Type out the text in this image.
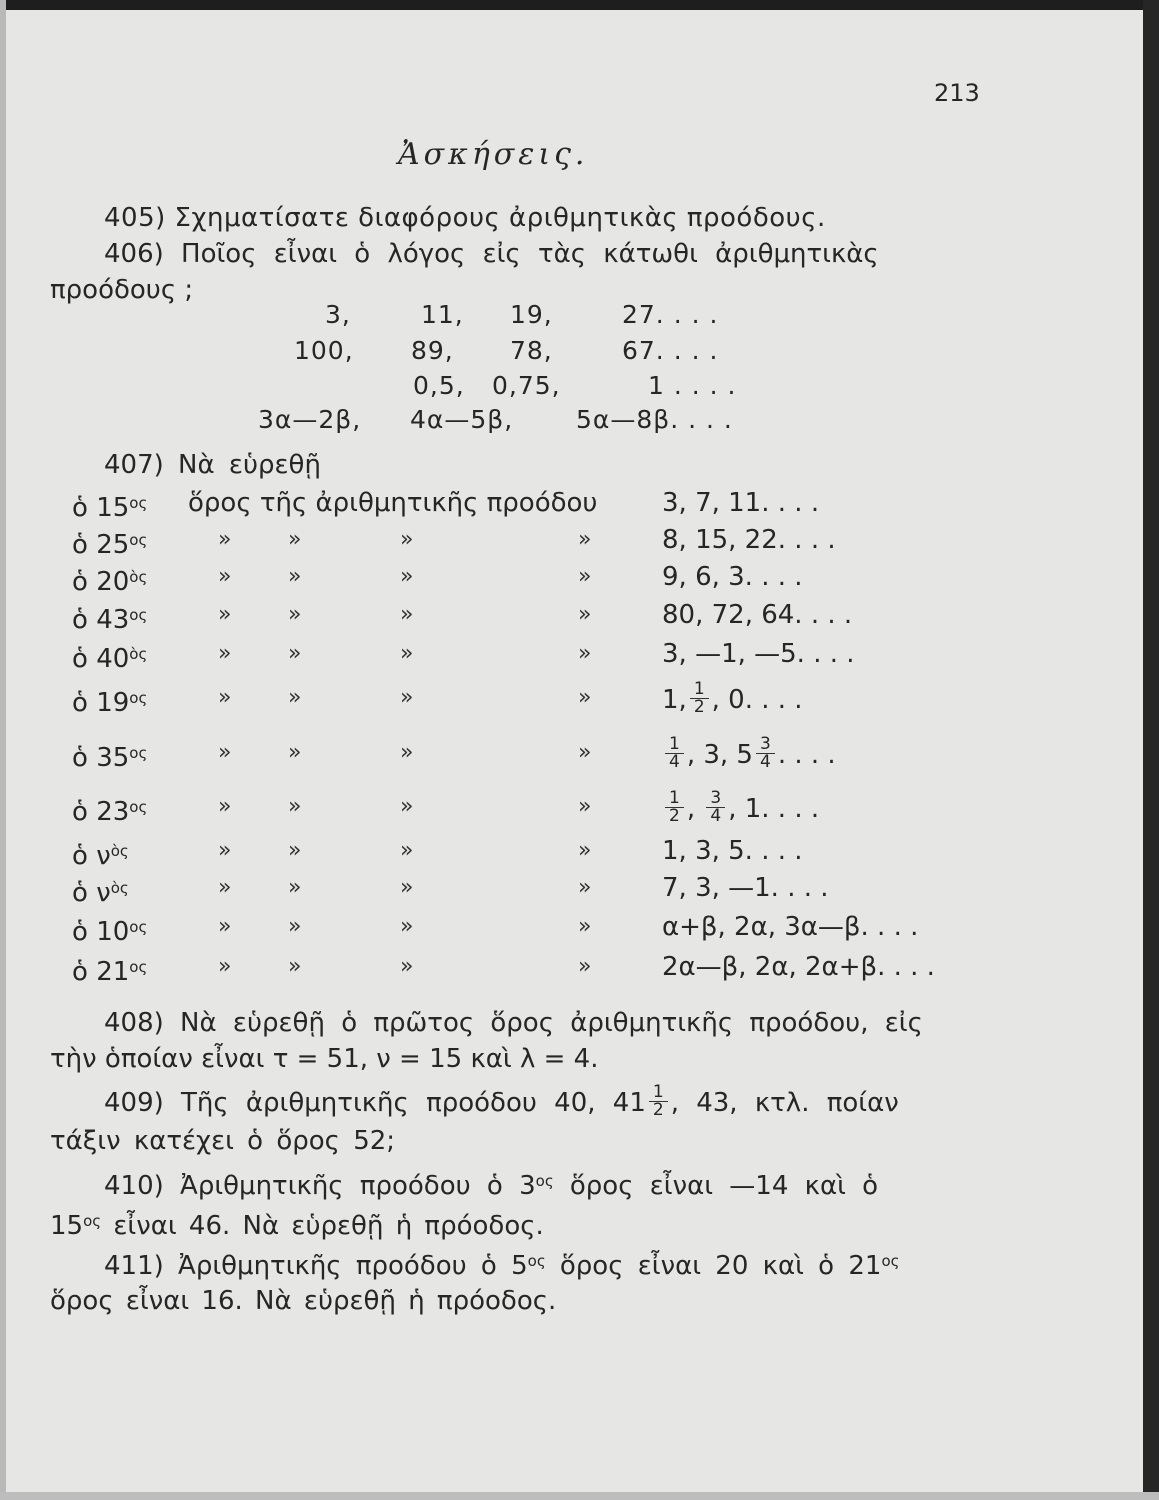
213
Ἀσκήσεις.
405) Σχηματίσατε διαφόρους ἀριθμητικὰς προόδους.
406) Ποῖος εἶναι ὁ λόγος εἰς τὰς κάτωθι ἀριθμητικὰς
προόδους ;
3,	11, 19,	27. . . .
100, 89, 78,	67. . . .
0,5, 0,75,	1 . . . .
3α—2β, 4α—5β,	5α—8β. . . .
407) Νὰ εὑρεθῇ
ὁ $15^{o\varsigma}$ ὅρος τῆς ἀριθμητικῆς προόδου 3, 7, 11. . . .
ὁ $25^{o\varsigma}$	»	»	»	»	8, 15, 22. . . .
ὁ $20^{ὸ\varsigma}$	»	»	»	»	9, 6, 3. . . .
ὁ $43^{o\varsigma}$	»	»	»	»	80, 72, 64. . . .
ὁ $40^{ὸ\varsigma}$	»	»	»	»	3, —1, —5. . . .
ὁ $19^{o\varsigma}$	»	»	»	»	1, $\frac{1}{2}$ , 0. . . .
ὁ $35^{o\varsigma}$	»	»	»	»	$\frac{1}{4}$ , 3, $5 \frac{3}{4}$ . . . .
ὁ $23^{o\varsigma}$	»	»	»	»	$\frac{1}{2}$ , $\frac{3}{4}$ , 1. . . .
ὁ $\nu^{ὸ\varsigma}$	»	»	»	»	1, 3, 5. . . .
ὁ $\nu^{ὸ\varsigma}$	»	»	»	»	7, 3, —1. . . .
ὁ $10^{o\varsigma}$	»	»	»	»	α+β, 2α, 3α—β. . . .
ὁ $21^{o\varsigma}$	»	»	»	»	2α—β, 2α, 2α+β. . . .
408) Νὰ εὑρεθῇ ὁ πρῶτος ὅρος ἀριθμητικῆς προόδου, εἰς
τὴν ὁποίαν εἶναι τ = 51, ν = 15 καὶ λ = 4.
409) Τῆς ἀριθμητικῆς προόδου 40, $41 \frac{1}{2}$ , 43, κτλ. ποίαν
τάξιν κατέχει ὁ ὅρος 52;
410) Ἀριθμητικῆς προόδου ὁ $3^{o\varsigma}$ ὅρος εἶναι —14 καὶ ὁ
$15^{o\varsigma}$ εἶναι 46. Νὰ εὑρεθῇ ἡ πρόοδος.
411) Ἀριθμητικῆς προόδου ὁ $5^{o\varsigma}$ ὅρος εἶναι 20 καὶ ὁ $21^{o\varsigma}$
ὅρος εἶναι 16. Νὰ εὑρεθῇ ἡ πρόοδος.
